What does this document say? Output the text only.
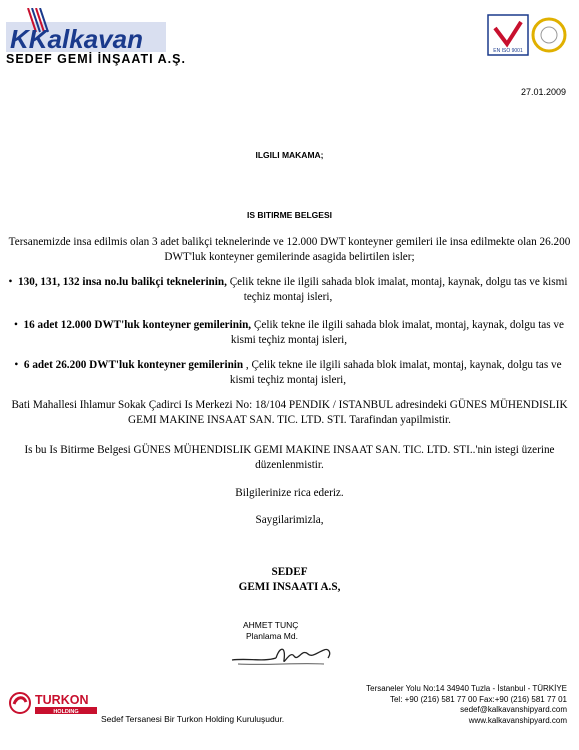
KKalkavan
SEDEF GEMİ İNŞAATI A.Ş.
EN ISO 9001
27.01.2009
ILGILI MAKAMA;
IS BITIRME BELGESI
Tersanemizde insa edilmis olan 3 adet balikçi teknelerinde ve 12.000 DWT konteyner gemileri ile insa edilmekte olan 26.200 DWT'luk konteyner gemilerinde asagida belirtilen isler;
• 130, 131, 132 insa no.lu balikçi teknelerinin, Çelik tekne ile ilgili sahada blok imalat, montaj, kaynak, dolgu tas ve kismi teçhiz montaj isleri,
• 16 adet 12.000 DWT'luk konteyner gemilerinin, Çelik tekne ile ilgili sahada blok imalat, montaj, kaynak, dolgu tas ve kismi teçhiz montaj isleri,
• 6 adet 26.200 DWT'luk konteyner gemilerinin , Çelik tekne ile ilgili sahada blok imalat, montaj, kaynak, dolgu tas ve kismi teçhiz montaj isleri,
Bati Mahallesi Ihlamur Sokak Çadirci Is Merkezi No: 18/104 PENDIK / ISTANBUL adresindeki GÜNES MÜHENDISLIK GEMI MAKINE INSAAT SAN. TIC. LTD. STI. Tarafindan yapilmistir.
Is bu Is Bitirme Belgesi GÜNES MÜHENDISLIK GEMI MAKINE INSAAT SAN. TIC. LTD. STI..'nin istegi üzerine düzenlenmistir.
Bilgilerinize rica ederiz.
Saygilarimizla,
SEDEF
GEMI INSAATI A.S,
AHMET TUNÇ
Planlama Md.
TURKON
HOLDING
Sedef Tersanesi Bir Turkon Holding Kuruluşudur.
Tersaneler Yolu No:14 34940 Tuzla - İstanbul - TÜRKİYE
Tel: +90 (216) 581 77 00 Fax:+90 (216) 581 77 01
sedef@kalkavanshipyard.com
www.kalkavanshipyard.com
